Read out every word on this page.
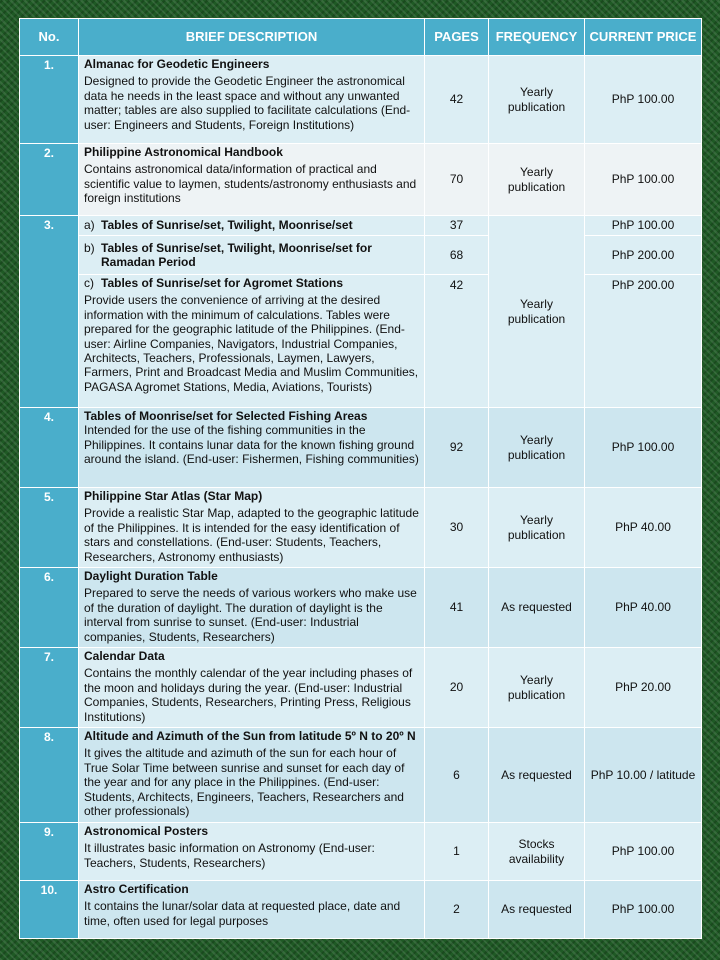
No.	BRIEF DESCRIPTION	PAGES	FREQUENCY	CURRENT PRICE
1.	Almanac for Geodetic Engineers
Designed to provide the Geodetic Engineer the astronomical data he needs in the least space and without any unwanted matter; tables are also supplied to facilitate calculations (End-user: Engineers and Students, Foreign Institutions)	42	Yearly publication	PhP 100.00
2.	Philippine Astronomical Handbook
Contains astronomical data/information of practical and scientific value to laymen, students/astronomy enthusiasts and foreign institutions	70	Yearly publication	PhP 100.00
3.	a) Tables of Sunrise/set, Twilight, Moonrise/set	37	Yearly publication	PhP 100.00

	b) Tables of Sunrise/set, Twilight, Moonrise/set for Ramadan Period	68		PhP 200.00

	c) Tables of Sunrise/set for Agromet Stations
Provide users the convenience of arriving at the desired information with the minimum of calculations. Tables were prepared for the geographic latitude of the Philippines. (End-user: Airline Companies, Navigators, Industrial Companies, Architects, Teachers, Professionals, Laymen, Lawyers, Farmers, Print and Broadcast Media and Muslim Communities, PAGASA Agromet Stations, Media, Aviations, Tourists)	42		PhP 200.00
4.	Tables of Moonrise/set for Selected Fishing Areas
Intended for the use of the fishing communities in the Philippines. It contains lunar data for the known fishing ground around the island. (End-user: Fishermen, Fishing communities)	92	Yearly publication	PhP 100.00
5.	Philippine Star Atlas (Star Map)
Provide a realistic Star Map, adapted to the geographic latitude of the Philippines. It is intended for the easy identification of stars and constellations. (End-user: Students, Teachers, Researchers, Astronomy enthusiasts)	30	Yearly publication	PhP 40.00
6.	Daylight Duration Table
Prepared to serve the needs of various workers who make use of the duration of daylight. The duration of daylight is the interval from sunrise to sunset. (End-user: Industrial companies, Students, Researchers)	41	As requested	PhP 40.00
7.	Calendar Data
Contains the monthly calendar of the year including phases of the moon and holidays during the year. (End-user: Industrial Companies, Students, Researchers, Printing Press, Religious Institutions)	20	Yearly publication	PhP 20.00
8.	Altitude and Azimuth of the Sun from latitude 5º N to 20º N
It gives the altitude and azimuth of the sun for each hour of True Solar Time between sunrise and sunset for each day of the year and for any place in the Philippines. (End-user: Students, Architects, Engineers, Teachers, Researchers and other professionals)	6	As requested	PhP 10.00 / latitude
9.	Astronomical Posters
It illustrates basic information on Astronomy (End-user: Teachers, Students, Researchers)	1	Stocks availability	PhP 100.00
10.	Astro Certification
It contains the lunar/solar data at requested place, date and time, often used for legal purposes	2	As requested	PhP 100.00
